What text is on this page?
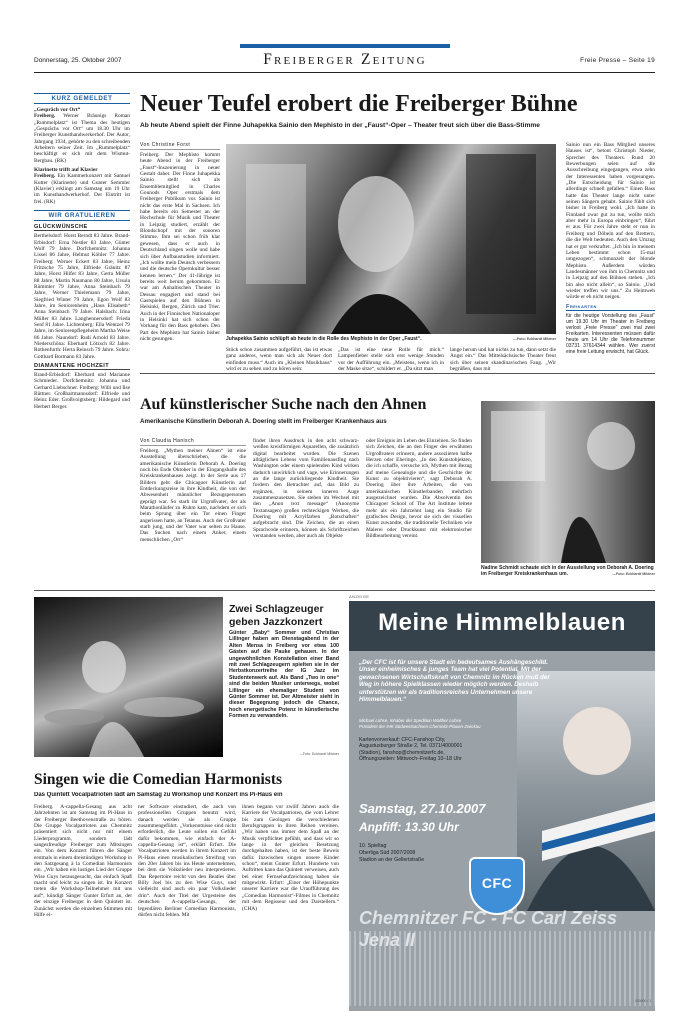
Donnerstag, 25. Oktober 2007	Freiberger Zeitung	Freie Presse – Seite 19
KURZ GEMELDET

„Gespräch vor Ort“
Freiberg. Werner Bräunigs Roman „Rummelplatz“ ist Thema des heutigen „Gesprächs vor Ort“ um 18.30 Uhr im Freiberger Kunsthandwerkerhof. Der Autor, Jahrgang 1934, gehörte zu den schreibenden Arbeitern seiner Zeit. Im „Rummelplatz“ beschäftigt er sich mit dem Wismut-Bergbau. (RK)

Klarinette trifft auf Klavier
Freiberg. Ein Kammerkonzert mit Samuel Kutter (Klarinette) und Gunter Semmler (Klavier) erklingt am Samstag um 19 Uhr im Kunsthandwerkerhof. Der Eintritt ist frei. (RK)

WIR GRATULIEREN
GLÜCKWÜNSCHE
Berthelsdorf: Horst Berndt 83 Jahre. Brand-Erbisdorf: Erna Nestler 83 Jahre, Günter Wolf 79 Jahre. Dorfchemnitz: Johanna Lissel 86 Jahre, Helmut Köhler 77 Jahre. Freiberg: Werner Eckert 83 Jahre, Heinz Fritzsche 75 Jahre, Elfriede Gränitz 87 Jahre, Horst Hilfer 83 Jahre, Gerta Müller 88 Jahre, Martin Naumann 80 Jahre, Ursula Rümmler 79 Jahre, Anna Steinbach 79 Jahre, Werner Thielemann 79 Jahre, Siegfried Winter 79 Jahre, Egon Wolf 83 Jahre, im Seniorenheim „Haus Elisabeth“ Anna Steinbach 79 Jahre. Halsbach: Irina Müller 83 Jahre. Langhennersdorf: Frieda Senf 81 Jahre. Lichtenberg: Ella Wentzel 79 Jahre, im Seniorenpflegeheim Martha Weise 86 Jahre. Naundorf: Rudi Arnold 83 Jahre. Niederschöna: Eberhard Lötzsch 82 Jahre. Rothenfurth: Herta Reinsch 79 Jahre. Sohra: Gotthard Bormann 83 Jahre.
DIAMANTENE HOCHZEIT
Brand-Erbisdorf: Eberhard und Marianne Schmieder. Dorfchemnitz: Johanna und Gerhard Liebschner. Freiberg: Willi und Ilse Büttner. Großhartmannsdorf: Elfriede und Heinz Eder. Großvoigtsberg: Hildegard und Herbert Berger.
Neuer Teufel erobert die Freiberger Bühne
Ab heute Abend spielt der Finne Juhapekka Sainio den Mephisto in der „Faust“-Oper – Theater freut sich über die Bass-Stimme
Von Christine Forst
Freiberg. Der Mephisto kommt heute Abend in der Freiberger „Faust“-Inszenierung in neuer Gestalt daher. Der Finne Juhapekka Sainio stellt sich als Ensemblemitglied in Charles Gounods Oper erstmals dem Freiberger Publikum vor. Sainio ist nicht das erste Mal in Sachsen. Ich habe bereits ein Semester an der Hochschule für Musik und Theater in Leipzig studiert, erzählt der Blondschopf mit der sonoren Stimme. Ihm sei schon früh klar gewesen, dass er auch in Deutschland singen wolle und habe sich über Aufbaustudien informiert. „Ich wollte mein Deutsch verbessern und die deutsche Opernkultur besser kennen lernen.“ Der 41-Jährige ist bereits weit herum gekommen. Er war am Anhaltischen Theater in Dessau engagiert und stand bei Gastspielen auf den Bühnen in Helsinki, Bergen, Zürich und Trier. Auch in der Finnischen Nationaloper in Helsinki hat sich schon der Vorhang für den Bass gehoben. Den Part des Mephisto hat Sainio bisher nicht gesungen.	Juhapekka Sainio schlüpft ab heute in die Rolle des Mephisto in der Oper „Faust“.	—Foto: Eckhardt Mildner
Stück schon zusammen aufgeführt, das ist etwas ganz anderes, wenn man sich als Neuer dort einfinden muss.“ Auch im „Kleinen Musikhaus“ wird er zu sehen und zu hören sein:
„Das ist eine neue Rolle für mich.“ Lampenfieber stelle sich erst wenige Stunden vor der Aufführung ein. „Meistens, wenn ich in der Maske sitze“, schildert er. „Da sitzt man
lange herum und hat nichts zu tun, dann setzt die Angst ein.“ Das Mittelsächsische Theater freut sich über seinen skandinavischen Fang. „Wir begrüßen, dass mit
Sainio nun ein Bass Mitglied unseres Hauses ist“, betont Christoph Nieder, Sprecher des Theaters. Rund 20 Bewerbungen seien auf die Ausschreibung eingegangen, etwa zehn der Interessenten haben vorgesungen. „Die Entscheidung für Sainio ist allerdings schnell gefallen.“ Einen Bass hatte das Theater lange nicht unter seinen Sängern gehabt. Sainio fühlt sich bisher in Freiberg wohl. „Ich hatte in Finnland zwar gut zu tun, wollte mich aber mehr in Europa einbringen“, führt er aus. Für zwei Jahre steht er nun in Freiberg und Döbeln auf den Brettern, die die Welt bedeuten. Auch den Umzug hat er gut verkraftet. „Ich bin in meinem Leben bestimmt schon 15-mal umgezogen“, schmunzelt der blonde Mephisto. Außerdem würden Landesmänner von ihm in Chemnitz und in Leipzig auf den Bühnen stehen. „Ich bin also nicht allein“, so Sainio. „Und wieder treffen wir uns.“ Zu Heimweh würde er eh nicht neigen.
Freikarten
für die heutige Vorstellung des „Faust“ um 19.30 Uhr im Theater in Freiberg verlost „Freie Presse“ zwei mal zwei Freikarten. Interessenten müssen dafür heute um 14 Uhr die Telefonnummer 03731 37614344 wählen. Wer zuerst eine freie Leitung erwischt, hat Glück.
Auf künstlerischer Suche nach den Ahnen
Amerikanische Künstlerin Deborah A. Doering stellt im Freiberger Krankenhaus aus
Von Claudia Hanisch
Freiberg. „Mythen meiner Ahnen“ ist eine Ausstellung überschrieben, die die amerikanische Künstlerin Deborah A. Doering noch bis Ende Oktober in der Eingangshalle des Kreiskrankenhauses zeigt. In der Serie aus 17 Bildern geht die Chicagoer Künstlerin auf Entdeckungsreise in ihre Kindheit, die von der Abwesenheit männlicher Bezugspersonen geprägt war. So starb ihr Urgroßvater, der als Marathonläufer zu Ruhm kam, nachdem er sich beim Sprung über ein Tor einen Finger angerissen hatte, an Tetanus. Auch der Großvater starb jung, und der Vater war selten zu Hause. Das Suchen nach einem Anker, einem menschlichen „Ort“
findet ihren Ausdruck in den acht schwarz-weißen kreisförmigen Aquarellen, die zusätzlich digital bearbeitet wurden. Die Szenen alltäglichen Lebens vom Familienausflug nach Washington oder einem spielenden Kind wirken dadurch unwirklich und vage, wie Erinnerungen an die lange zurückliegende Kindheit. Sie fordern den Betrachter auf, das Bild zu ergänzen, in seinem inneren Auge zusammenzusetzen. Sie stehen im Wechsel mit den „Anon text message“ (Anonyme Textansagen) großen rechteckigen Werken, die Doering mit Acrylfarben „Botschaften“ aufgebracht sind. Die Zeichen, die an einen Sprachcode erinnern, können als Schriftzeichen verstanden werden, aber auch als Objekte
oder Ereignis im Leben des Einzelnen. So finden sich Zeichen, die an den Finger des erwähnten Urgroßvaters erinnern, andere assoziieren halbe Herzen oder Eheringe. „In den Kunstobjekten, die ich schaffe, versuche ich, Mythen mit Bezug auf meine Genealogie und die Geschichte der Kunst zu objektivieren“, sagt Deborah A. Doering über ihre Arbeiten, die von amerikanischen Künstlerbanden mehrfach ausgezeichnet wurden. Die Absolventin des Chicagoer School of The Art Institute leitete mehr als ein Jahrzehnt lang ein Studio für grafisches Design, bevor sie sich der visuellen Kunst zuwandte, die traditionelle Techniken wie Malerei oder Druckkunst mit elektronischer Bildbearbeitung vereint.
Nadine Schmidt schaute sich in der Ausstellung von Deborah A. Doering im Freiberger Kreiskrankenhaus um.	—Foto: Eckhardt Mildner
Zwei Schlagzeuger geben Jazzkonzert
Günter „Baby“ Sommer und Christian Lillinger haben am Dienstagabend in der Alten Mensa in Freiberg vor etwa 100 Gästen auf die Pauke gehauen. In der ungewöhnlichen Konstellation einer Band mit zwei Schlagzeugern spielten sie in der Herbstkonzertreihe der IG Jazz im Studentenwerk auf. Als Band „Two in one“ sind die beiden Musiker unterwegs, wobei Lillinger ein ehemaliger Student von Günter Sommer ist. Der Altmeister sieht in dieser Begegnung jedoch die Chance, hoch energetische Potenz in künstlerische Formen zu verwandeln.
—Foto: Eckhardt Mildner
Singen wie die Comedian Harmonists
Das Quintett Vocalpatrioten lädt am Samstag zu Workshop und Konzert ins Pi-Haus ein
Freiberg. A-cappella-Gesang aus acht Jahrzehnten ist am Samstag im Pi-Haus in der Freiberger Beethovenstraße zu hören. Die Gruppe Vocalpatrioten aus Chemnitz präsentiert sich nicht nur mit einem Liederprogramm, sondern lädt sangesfreudige Freiberger zum Mitsingen ein. Von dem Konzert führen die Sänger erstmals in einem dreistündigen Workshop in den Satzgesang à la Comedian Harmonists ein. „Wir haben ein lustiges Lied der Gruppe Wise Guys herausgesucht, das einfach Spaß macht und leicht zu singen ist. Im Konzert treten die Workshop-Teilnehmer mit uns auf“, kündigt Sänger Gunter Erfurt an, der der einzige Freiberger in dem Quintett ist. Zunächst werden die einzelnen Stimmen mit Hilfe ei-
ner Software einstudiert, die auch von professionellen Gruppen benutzt wird, danach werden sie als Gruppe zusammengeführt. „Vorkenntnisse sind nicht erforderlich, die Leute sollen ein Gefühl dafür bekommen, wie einfach der A-cappella-Gesang ist“, erklärt Erfurt. Die Vocalpatrioten werden in ihrem Konzert im Pi-Haus einen musikalischen Streifzug von den 20er Jahren bis ins Heute unternehmen, bei dem sie Volkslieder neu interpretieren. Das Repertoire reicht von den Beatles über Billy Joel bis zu den Wise Guys, und vielleicht sind auch ein paar Volkslieder drin“. Auch der Titel der Urgesteine des deutschen A-cappella-Gesangs, der legendären Berliner Comedian Harmonists, dürfen nicht fehlen. Mit
ihnen begann vor zwölf Jahren auch die Karriere der Vocalpatrioten, die vom Lehrer bis zum Geologen die verschiedenen Berufsgruppen in ihren Reihen vereinen. „Wir haben uns immer dem Spaß an der Musik verpflichtet gefühlt, und dass wir so lange in der gleichen Besetzung durchgehalten haben, ist der beste Beweis dafür. Inzwischen singen unsere Kinder schon“, meint Gunter Erfurt. Hunderte von Auftritten kann das Quintett verweisen, auch bei einer Fernsehaufzeichnung haben sie mitgewirkt. Erfurt: „Einer der Höhepunkte unserer Karriere war die Uraufführung des „Comedian Harmonist“-Filmes in Chemnitz mit dem Regisseur und den Darstellern.“ (CHA)
ANZEIGE
Meine Himmelblauen
„Der CFC ist für unsere Stadt ein bedeutsames Aushängeschild. Unser einheimisches & junges Team hat viel Potential. Mit der gewachsenen Wirtschaftskraft von Chemnitz im Rücken muß der Weg in höhere Spielklassen wieder möglich werden. Deshalb unterstützen wir als traditionsreiches Unternehmen unsere Himmelblauen.“
Michael Lohse, Inhaber der Spedition Walther Lohse
Präsident der IHK Südwestsachsen Chemnitz-Plauen-Zwickau
Kartenvorverkauf: CFC-Fanshop City, Augustusburger Straße 2, Tel. 0371/4000001 (Stadion), fanshop@chemnitzerfc.de, Öffnungszeiten: Mittwoch–Freitag 10–18 Uhr
Samstag, 27.10.2007
Anpfiff: 13.30 Uhr
10. Spieltag
Oberliga Süd 2007/2008
Stadion an der Gellertstraße
CFC
Chemnitzer FC - FC Carl Zeiss Jena II
000000 / 1
